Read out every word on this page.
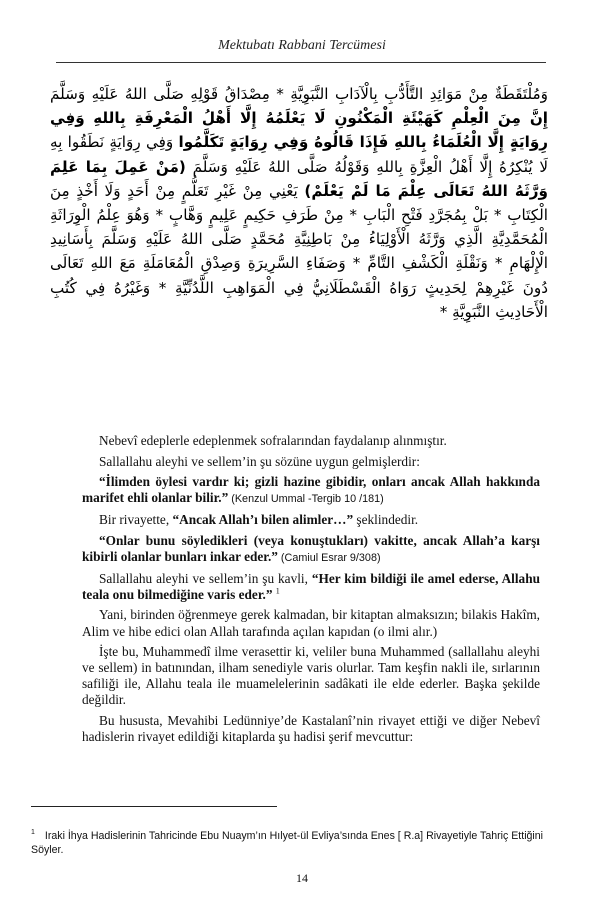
Mektubatı Rabbani Tercümesi

وَمُلْتَقَطَةٌ مِنْ مَوَائِدِ التَّأَدُّبِ بِالْآدَابِ النَّبَوِيَّةِ * مِصْدَاقُ قَوْلِهِ صَلَّى اللهُ عَلَيْهِ وَسَلَّمَ إِنَّ مِنَ الْعِلْمِ كَهَيْئَةِ الْمَكْنُونِ لَا يَعْلَمُهُ إِلَّا أَهْلُ الْمَعْرِفَةِ بِاللهِ وَفِي رِوَايَةٍ إِلَّا الْعُلَمَاءُ بِاللهِ فَإِذَا قَالُوهُ وَفِي رِوَايَةٍ تَكَلَّمُوا وَفِي رِوَايَةٍ نَطَقُوا بِهِ لَا يُنْكِرُهُ إِلَّا أَهْلُ الْعِزَّةِ بِاللهِ وَقَوْلُهُ صَلَّى اللهُ عَلَيْهِ وَسَلَّمَ (مَنْ عَمِلَ بِمَا عَلِمَ وَرَّثَهُ اللهُ تَعَالَى عِلْمَ مَا لَمْ يَعْلَمْ) يَعْنِي مِنْ غَيْرِ تَعَلُّمٍ مِنْ أَحَدٍ وَلَا أَخْذٍ مِنَ الْكِتَابِ * بَلْ بِمُجَرَّدِ فَتْحِ الْبَابِ * مِنْ طَرَفِ حَكِيمٍ عَلِيمٍ وَهَّابٍ * وَهُوَ عِلْمُ الْوِرَاثَةِ الْمُحَمَّدِيَّةِ الَّذِي وَرَّثَهُ الْأَوْلِيَاءُ مِنْ بَاطِنِيَّةِ مُحَمَّدٍ صَلَّى اللهُ عَلَيْهِ وَسَلَّمَ بِأَسَانِيدِ الْإِلْهَامِ * وَنَقْلَةِ الْكَشْفِ التَّامِّ * وَصَفَاءِ السَّرِيرَةِ وَصِدْقِ الْمُعَامَلَةِ مَعَ اللهِ تَعَالَى دُونَ غَيْرِهِمْ لِحَدِيثٍ رَوَاهُ الْقَسْطَلَانِيُّ فِي الْمَوَاهِبِ اللَّدُنِّيَّةِ * وَغَيْرُهُ فِي كُتُبِ الْأَحَادِيثِ النَّبَوِيَّةِ *

Nebevî edeplerle edeplenmek sofralarından faydalanıp alınmıştır.

Sallallahu aleyhi ve sellem’in şu sözüne uygun gelmişlerdir:

“İlimden öylesi vardır ki; gizli hazine gibidir, onları ancak Allah hakkında marifet ehli olanlar bilir.” (Kenzul Ummal -Tergib 10 /181)

Bir rivayette, “Ancak Allah’ı bilen alimler…” şeklindedir.

“Onlar bunu söyledikleri (veya konuştukları) vakitte, ancak Allah’a karşı kibirli olanlar bunları inkar eder.” (Camiul Esrar 9/308)

Sallallahu aleyhi ve sellem’in şu kavli, “Her kim bildiği ile amel ederse, Allahu teala onu bilmediğine varis eder.” $^1$

Yani, birinden öğrenmeye gerek kalmadan, bir kitaptan almaksızın; bilakis Hakîm, Alim ve hibe edici olan Allah tarafında açılan kapıdan (o ilmi alır.)

İşte bu, Muhammedî ilme verasettir ki, veliler buna Muhammed (sallallahu aleyhi ve sellem) in batınından, ilham senediyle varis olurlar. Tam keşfin nakli ile, sırlarının safiliği ile, Allahu teala ile muamelelerinin sadâkati ile elde ederler. Başka şekilde değildir.

Bu hususta, Mevahibi Ledünniye’de Kastalanî’nin rivayet ettiği ve diğer Nebevî hadislerin rivayet edildiği kitaplarda şu hadisi şerif mevcuttur:

$^1$ Iraki İhya Hadislerinin Tahricinde Ebu Nuaym’ın Hılyet-ül Evliya’sında Enes [ R.a] Rivayetiyle Tahriç Ettiğini Söyler.
14
